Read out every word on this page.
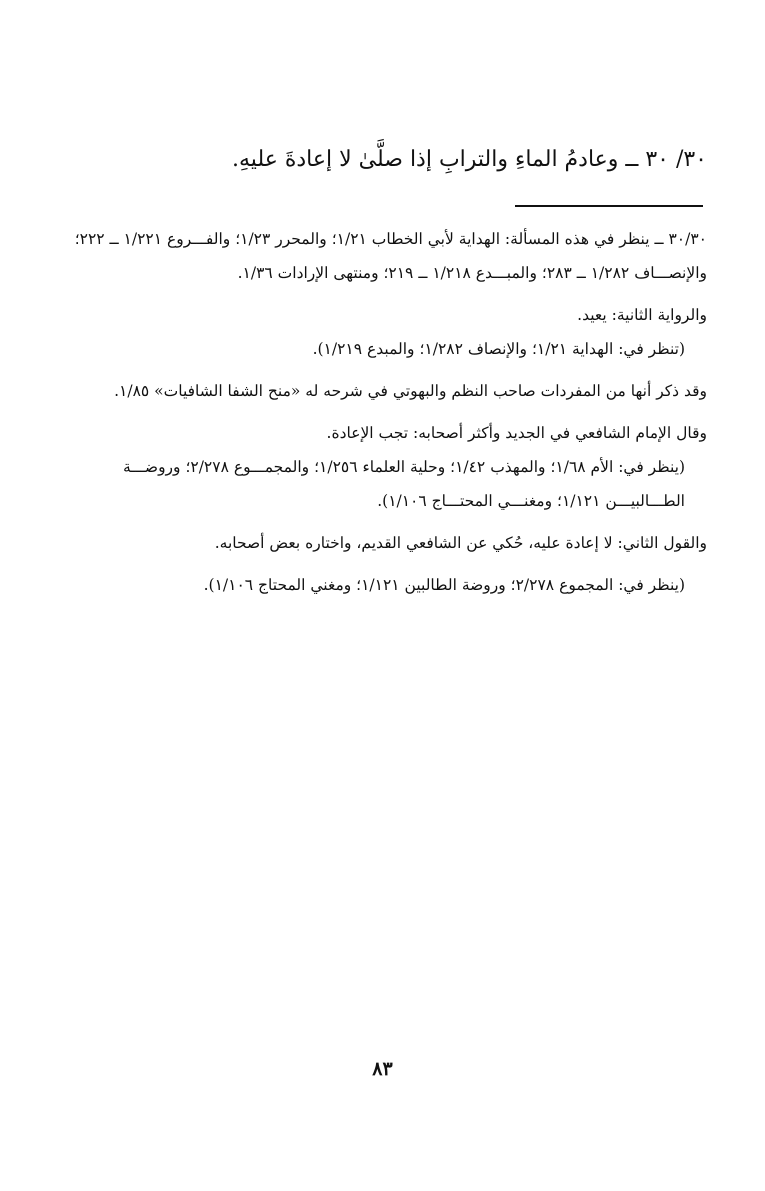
٣٠/ ٣٠ ــ وعادمُ الماءِ والترابِ إذا صلَّىٰ لا إعادةَ عليهِ.

٣٠/٣٠ ــ ينظر في هذه المسألة: الهداية لأبي الخطاب ١/٢١؛ والمحرر ١/٢٣؛ والفـــروع ١/٢٢١ ــ ٢٢٢؛ والإنصـــاف ١/٢٨٢ ــ ٢٨٣؛ والمبـــدع ١/٢١٨ ــ ٢١٩؛ ومنتهى الإرادات ١/٣٦.

والرواية الثانية: يعيد.

(تنظر في: الهداية ١/٢١؛ والإنصاف ١/٢٨٢؛ والمبدع ١/٢١٩).

وقد ذكر أنها من المفردات صاحب النظم والبهوتي في شرحه له «منح الشفا الشافيات» ١/٨٥.

وقال الإمام الشافعي في الجديد وأكثر أصحابه: تجب الإعادة.

(ينظر في: الأم ١/٦٨؛ والمهذب ١/٤٢؛ وحلية العلماء ١/٢٥٦؛ والمجمـــوع ٢/٢٧٨؛ وروضـــة الطـــالبيـــن ١/١٢١؛ ومغنـــي المحتـــاج ١/١٠٦).

والقول الثاني: لا إعادة عليه، حُكي عن الشافعي القديم، واختاره بعض أصحابه.

(ينظر في: المجموع ٢/٢٧٨؛ وروضة الطالبين ١/١٢١؛ ومغني المحتاج ١/١٠٦).

٨٣
